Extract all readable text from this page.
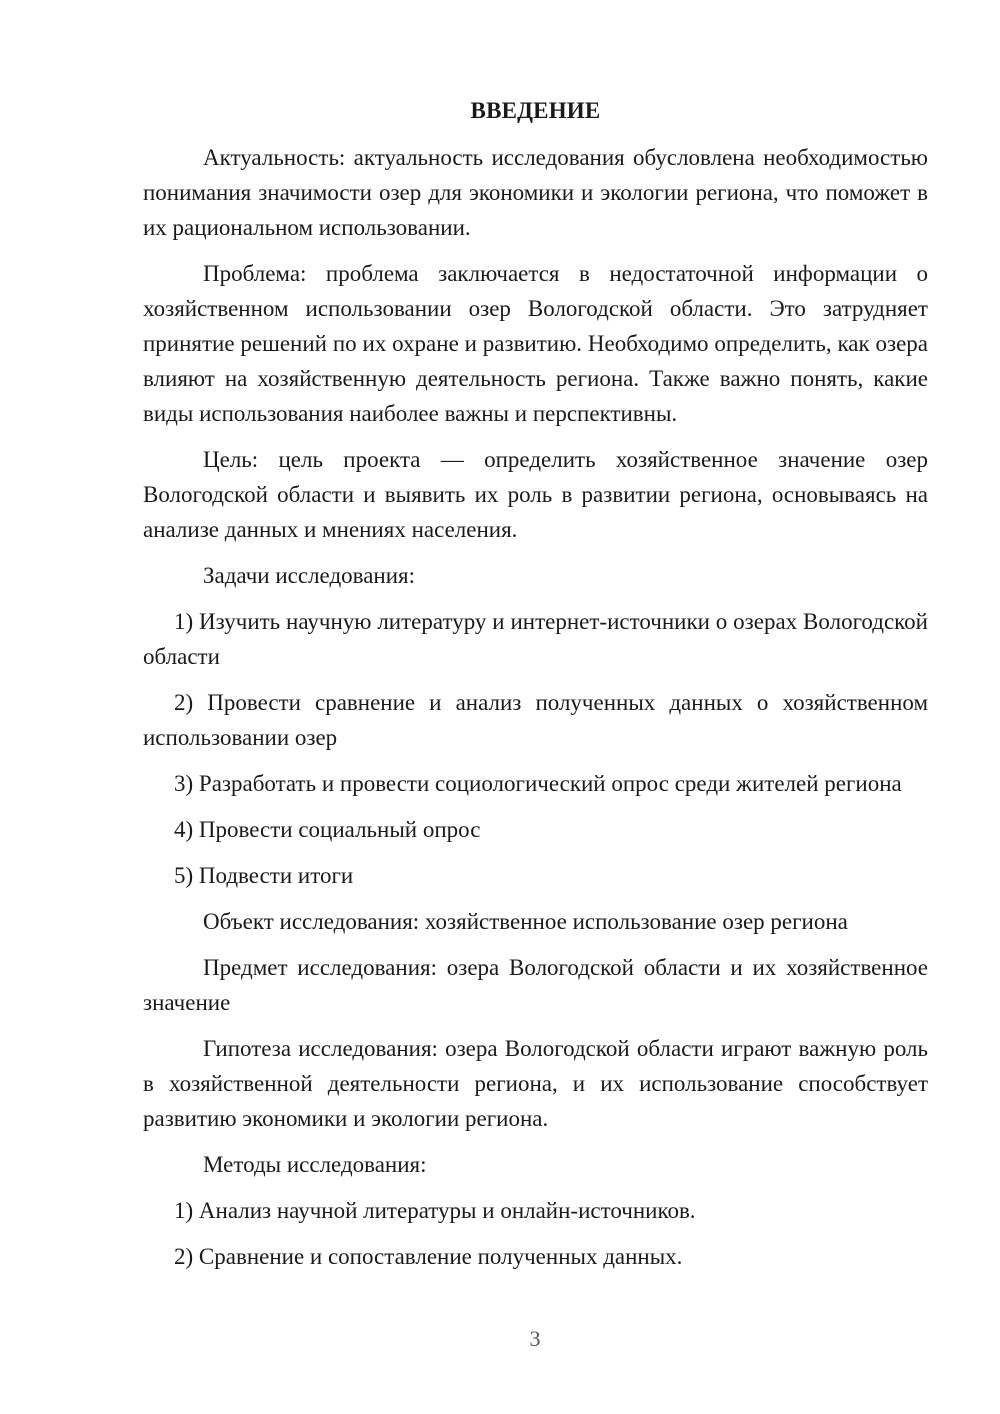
ВВЕДЕНИЕ

Актуальность: актуальность исследования обусловлена необходимостью понимания значимости озер для экономики и экологии региона, что поможет в их рациональном использовании.

Проблема: проблема заключается в недостаточной информации о хозяйственном использовании озер Вологодской области. Это затрудняет принятие решений по их охране и развитию. Необходимо определить, как озера влияют на хозяйственную деятельность региона. Также важно понять, какие виды использования наиболее важны и перспективны.

Цель: цель проекта — определить хозяйственное значение озер Вологодской области и выявить их роль в развитии региона, основываясь на анализе данных и мнениях населения.

Задачи исследования:

1) Изучить научную литературу и интернет-источники о озерах Вологодской области

2) Провести сравнение и анализ полученных данных о хозяйственном использовании озер

3) Разработать и провести социологический опрос среди жителей региона

4) Провести социальный опрос

5) Подвести итоги

Объект исследования: хозяйственное использование озер региона

Предмет исследования: озера Вологодской области и их хозяйственное значение

Гипотеза исследования: озера Вологодской области играют важную роль в хозяйственной деятельности региона, и их использование способствует развитию экономики и экологии региона.

Методы исследования:

1) Анализ научной литературы и онлайн-источников.

2) Сравнение и сопоставление полученных данных.

3
